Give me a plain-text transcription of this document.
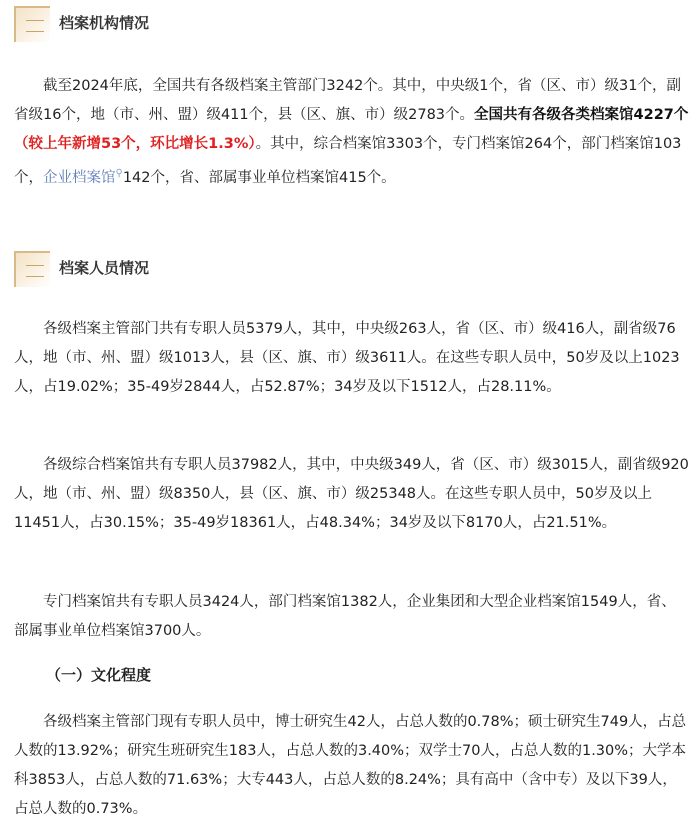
档案机构情况

截至2024年底，全国共有各级档案主管部门3242个。其中，中央级1个，省（区、市）级31个，副省级16个，地（市、州、盟）级411个，县（区、旗、市）级2783个。全国共有各级各类档案馆4227个（较上年新增53个，环比增长1.3%）。其中，综合档案馆3303个，专门档案馆264个，部门档案馆103个，企业档案馆⚲142个，省、部属事业单位档案馆415个。

档案人员情况

各级档案主管部门共有专职人员5379人，其中，中央级263人，省（区、市）级416人，副省级76人，地（市、州、盟）级1013人，县（区、旗、市）级3611人。在这些专职人员中，50岁及以上1023人，占19.02%；35-49岁2844人，占52.87%；34岁及以下1512人，占28.11%。

各级综合档案馆共有专职人员37982人，其中，中央级349人，省（区、市）级3015人，副省级920人，地（市、州、盟）级8350人，县（区、旗、市）级25348人。在这些专职人员中，50岁及以上11451人，占30.15%；35-49岁18361人，占48.34%；34岁及以下8170人，占21.51%。

专门档案馆共有专职人员3424人，部门档案馆1382人，企业集团和大型企业档案馆1549人，省、部属事业单位档案馆3700人。

（一）文化程度

各级档案主管部门现有专职人员中，博士研究生42人，占总人数的0.78%；硕士研究生749人，占总人数的13.92%；研究生班研究生183人，占总人数的3.40%；双学士70人，占总人数的1.30%；大学本科3853人，占总人数的71.63%；大专443人，占总人数的8.24%；具有高中（含中专）及以下39人，占总人数的0.73%。
